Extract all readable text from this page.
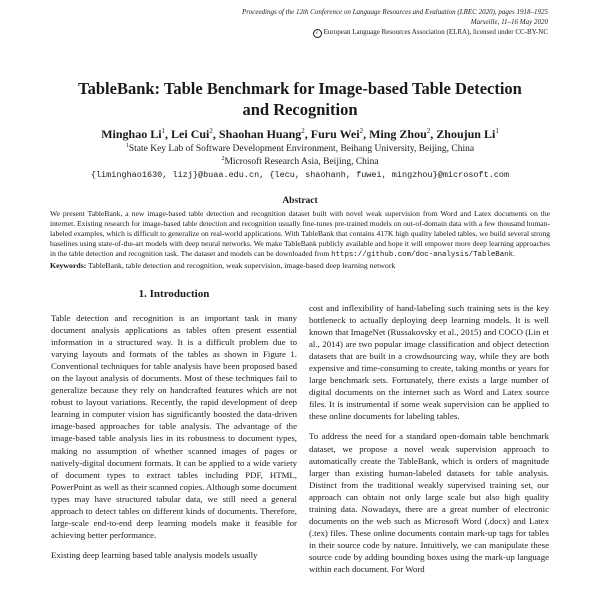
Proceedings of the 12th Conference on Language Resources and Evaluation (LREC 2020), pages 1918–1925
Marseille, 11–16 May 2020
c European Language Resources Association (ELRA), licensed under CC-BY-NC
TableBank: Table Benchmark for Image-based Table Detection and Recognition
Minghao Li$^1$, Lei Cui$^2$, Shaohan Huang$^2$, Furu Wei$^2$, Ming Zhou$^2$, Zhoujun Li$^1$
$^1$State Key Lab of Software Development Environment, Beihang University, Beijing, China
$^2$Microsoft Research Asia, Beijing, China
{liminghao1630, lizj}@buaa.edu.cn, {lecu, shaohanh, fuwei, mingzhou}@microsoft.com
Abstract
We present TableBank, a new image-based table detection and recognition dataset built with novel weak supervision from Word and Latex documents on the internet. Existing research for image-based table detection and recognition usually fine-tunes pre-trained models on out-of-domain data with a few thousand human-labeled examples, which is difficult to generalize on real-world applications. With TableBank that contains 417K high quality labeled tables, we build several strong baselines using state-of-the-art models with deep neural networks. We make TableBank publicly available and hope it will empower more deep learning approaches in the table detection and recognition task. The dataset and models can be downloaded from https://github.com/doc-analysis/TableBank.
Keywords: TableBank, table detection and recognition, weak supervision, image-based deep learning network
1. Introduction

Table detection and recognition is an important task in many document analysis applications as tables often present essential information in a structured way. It is a difficult problem due to varying layouts and formats of the tables as shown in Figure 1. Conventional techniques for table analysis have been proposed based on the layout analysis of documents. Most of these techniques fail to generalize because they rely on handcrafted features which are not robust to layout variations. Recently, the rapid development of deep learning in computer vision has significantly boosted the data-driven image-based approaches for table analysis. The advantage of the image-based table analysis lies in its robustness to document types, making no assumption of whether scanned images of pages or natively-digital document formats. It can be applied to a wide variety of document types to extract tables including PDF, HTML, PowerPoint as well as their scanned copies. Although some document types may have structured tabular data, we still need a general approach to detect tables on different kinds of documents. Therefore, large-scale end-to-end deep learning models make it feasible for achieving better performance.

Existing deep learning based table analysis models usually

cost and inflexibility of hand-labeling such training sets is the key bottleneck to actually deploying deep learning models. It is well known that ImageNet (Russakovsky et al., 2015) and COCO (Lin et al., 2014) are two popular image classification and object detection datasets that are built in a crowdsourcing way, while they are both expensive and time-consuming to create, taking months or years for large benchmark sets. Fortunately, there exists a large number of digital documents on the internet such as Word and Latex source files. It is instrumental if some weak supervision can be applied to these online documents for labeling tables.

To address the need for a standard open-domain table benchmark dataset, we propose a novel weak supervision approach to automatically create the TableBank, which is orders of magnitude larger than existing human-labeled datasets for table analysis. Distinct from the traditional weakly supervised training set, our approach can obtain not only large scale but also high quality training data. Nowadays, there are a great number of electronic documents on the web such as Microsoft Word (.docx) and Latex (.tex) files. These online documents contain mark-up tags for tables in their source code by nature. Intuitively, we can manipulate these source code by adding bounding boxes using the mark-up language within each document. For Word
